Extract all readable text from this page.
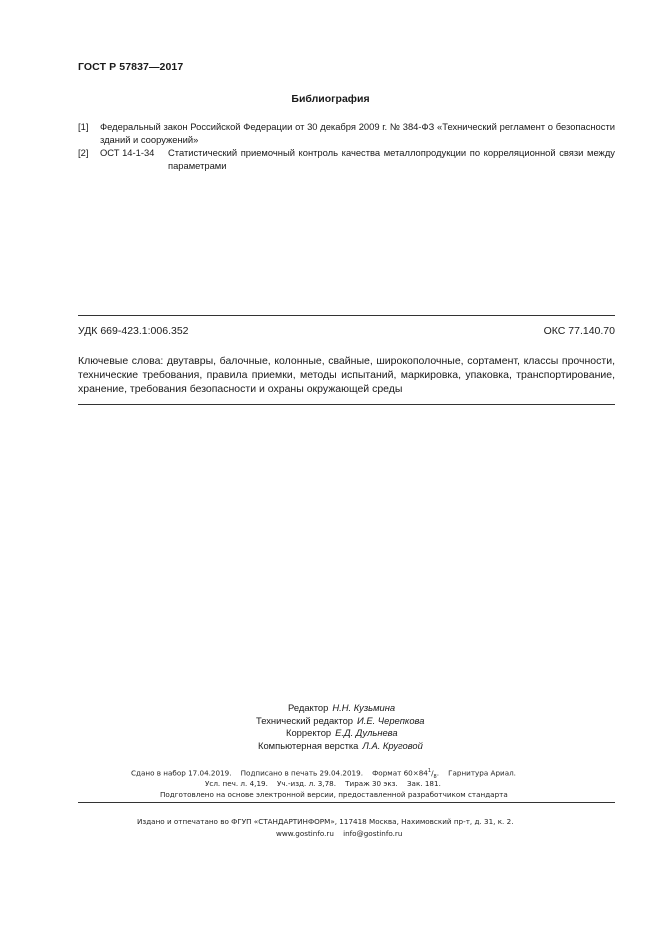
ГОСТ Р 57837—2017
Библиография
[1]	Федеральный закон Российской Федерации от 30 декабря 2009 г. № 384-ФЗ «Технический регламент о безопасности зданий и сооружений»
[2] ОСТ 14-1-34	Статистический приемочный контроль качества металлопродукции по корреляционной связи между параметрами
УДК 669-423.1:006.352	ОКС 77.140.70
Ключевые слова: двутавры, балочные, колонные, свайные, широкополочные, сортамент, классы прочности, технические требования, правила приемки, методы испытаний, маркировка, упаковка, транспортирование, хранение, требования безопасности и охраны окружающей среды
Редактор Н.Н. Кузьмина
Технический редактор И.Е. Черепкова
Корректор Е.Д. Дульнева
Компьютерная верстка Л.А. Круговой
Сдано в набор 17.04.2019. Подписано в печать 29.04.2019. Формат $60\times 84^1/_8$.    Гарнитура Ариал.
Усл. печ. л. 4,19. Уч.-изд. л. 3,78. Тираж 30 экз. Зак. 181.
Подготовлено на основе электронной версии, предоставленной разработчиком стандарта
Издано и отпечатано во ФГУП «СТАНДАРТИНФОРМ», 117418 Москва, Нахимовский пр-т, д. 31, к. 2.
www.gostinfo.ru info@gostinfo.ru
